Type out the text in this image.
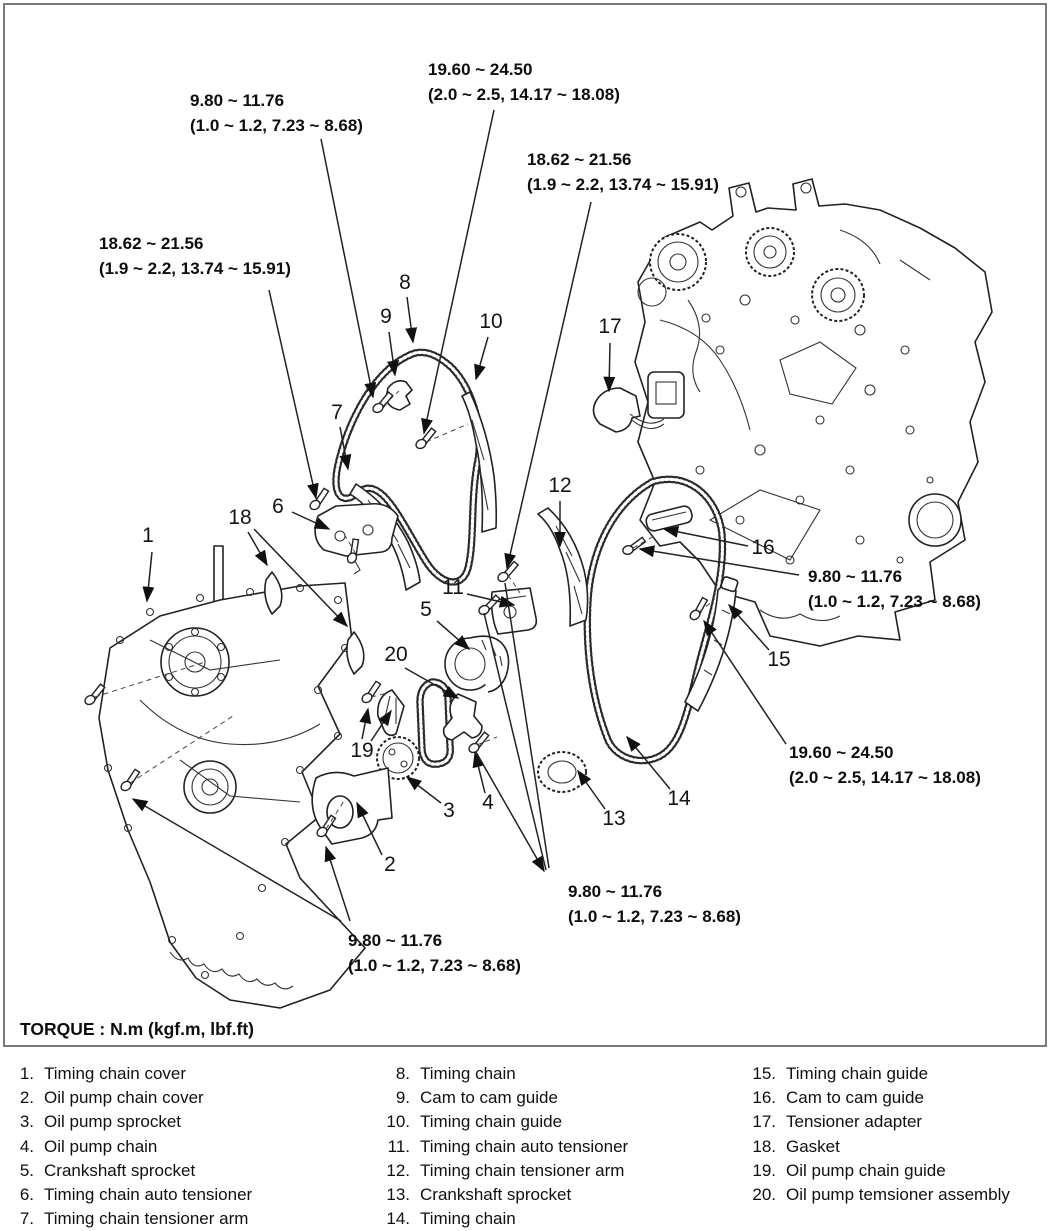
TORQUE : N.m (kgf.m, lbf.ft)
9.80 ~ 11.76
(1.0 ~ 1.2, 7.23 ~ 8.68)
19.60 ~ 24.50
(2.0 ~ 2.5, 14.17 ~ 18.08)
18.62 ~ 21.56
(1.9 ~ 2.2, 13.74 ~ 15.91)
18.62 ~ 21.56
(1.9 ~ 2.2, 13.74 ~ 15.91)
9.80 ~ 11.76
(1.0 ~ 1.2, 7.23 ~ 8.68)
19.60 ~ 24.50
(2.0 ~ 2.5, 14.17 ~ 18.08)
9.80 ~ 11.76
(1.0 ~ 1.2, 7.23 ~ 8.68)
9.80 ~ 11.76
(1.0 ~ 1.2, 7.23 ~ 8.68)
1
2
3 4
5
6
7
8
9	10
11
12
13
14
15
16
17
18
19
20
1. Timing chain cover
2. Oil pump chain cover
3. Oil pump sprocket
4. Oil pump chain
5. Crankshaft sprocket
6. Timing chain auto tensioner
7. Timing chain tensioner arm
8. Timing chain
9. Cam to cam guide
10. Timing chain guide
11. Timing chain auto tensioner
12. Timing chain tensioner arm
13. Crankshaft sprocket
14. Timing chain
15. Timing chain guide
16. Cam to cam guide
17. Tensioner adapter
18. Gasket
19. Oil pump chain guide
20. Oil pump temsioner assembly
